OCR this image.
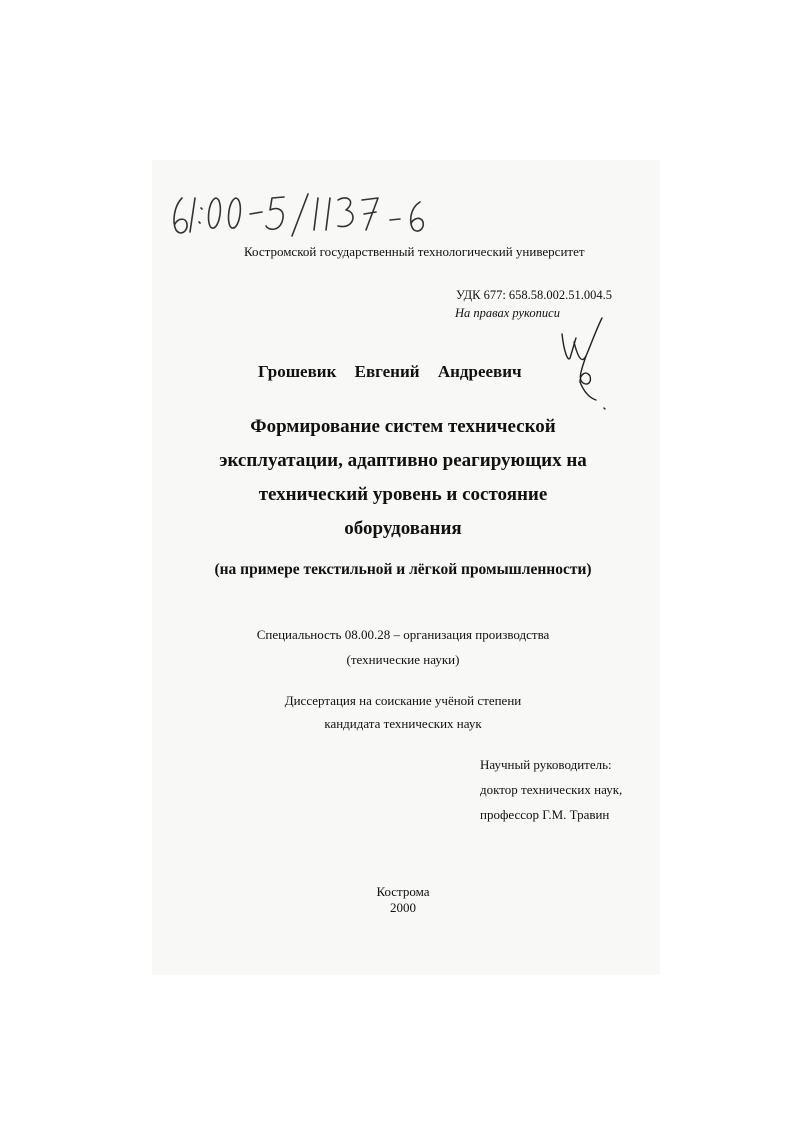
Костромской государственный технологический университет
УДК 677: 658.58.002.51.004.5
На правах рукописи
Грошевик Евгений Андреевич
Формирование систем технической
эксплуатации, адаптивно реагирующих на
технический уровень и состояние
оборудования
(на примере текстильной и лёгкой промышленности)
Специальность 08.00.28 – организация производства
(технические науки)
Диссертация на соискание учёной степени
кандидата технических наук
Научный руководитель:
доктор технических наук,
профессор Г.М. Травин
Кострома
2000
